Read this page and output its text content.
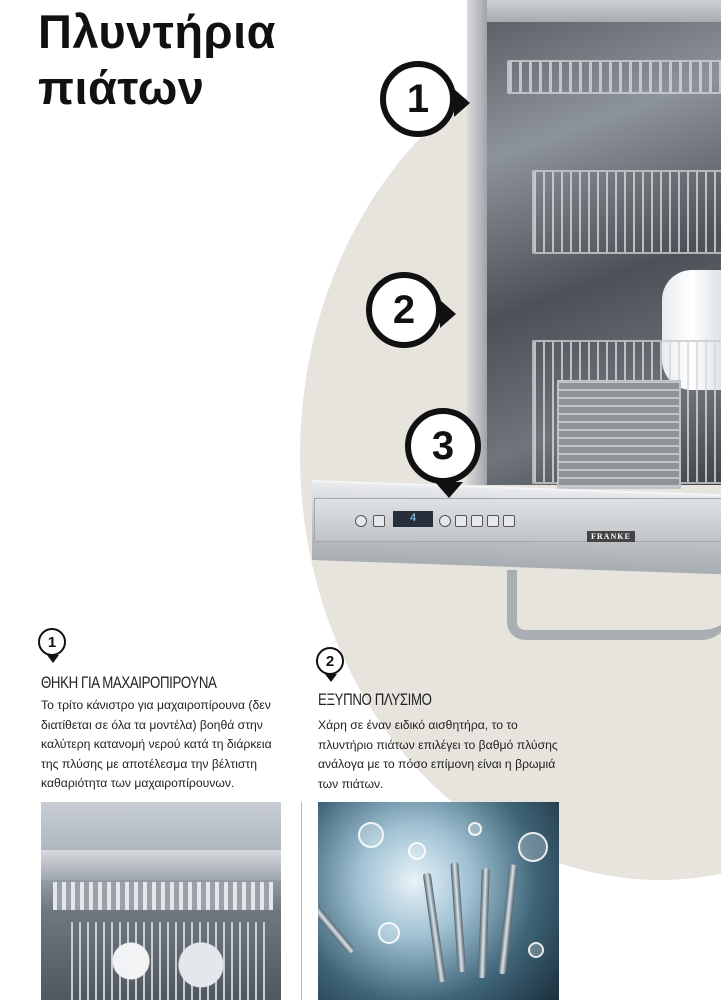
Πλυντήρια
πιάτων
4
FRANKE
1
2
3
1
ΘΗΚΗ ΓΙΑ ΜΑΧΑΙΡΟΠΙΡΟΥΝΑ
Το τρίτο κάνιστρο για μαχαιροπίρουνα (δεν διατίθεται σε όλα τα μοντέλα) βοηθά στην καλύτερη κατανομή νερού κατά τη διάρκεια της πλύσης με αποτέλεσμα την βέλτιστη καθαριότητα των μαχαιροπίρουνων.
2
ΕΞΥΠΝΟ ΠΛΥΣΙΜΟ
Χάρη σε έναν ειδικό αισθητήρα, το το πλυντήριο πιάτων επιλέγει το βαθμό πλύσης ανάλογα με το πόσο επίμονη είναι η βρωμιά των πιάτων.
